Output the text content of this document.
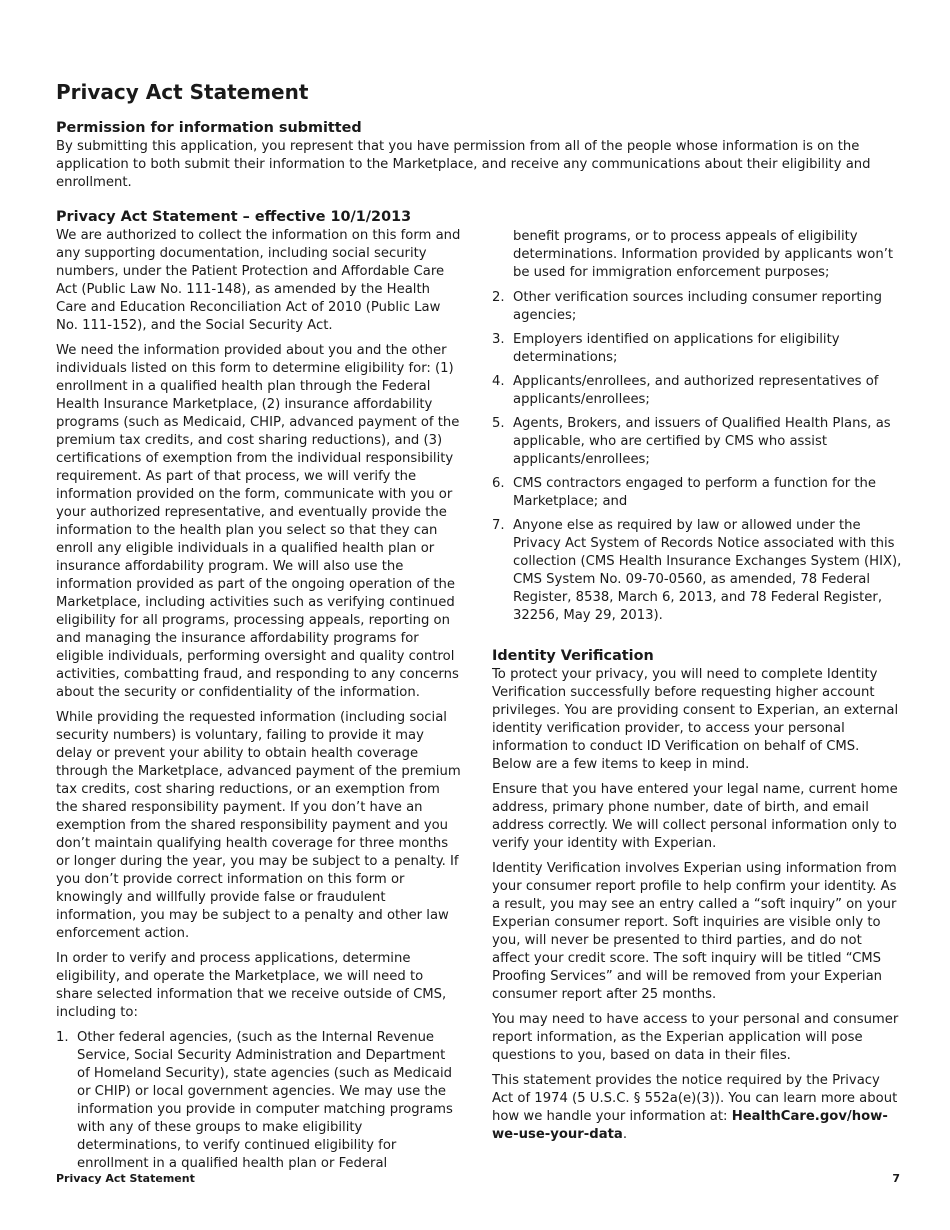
Privacy Act Statement
Permission for information submitted

By submitting this application, you represent that you have permission from all of the people whose information is on the application to both submit their information to the Marketplace, and receive any communications about their eligibility and enrollment.

Privacy Act Statement – effective 10/1/2013

We are authorized to collect the information on this form and any supporting documentation, including social security numbers, under the Patient Protection and Affordable Care Act (Public Law No. 111-148), as amended by the Health Care and Education Reconciliation Act of 2010 (Public Law No. 111-152), and the Social Security Act.

We need the information provided about you and the other individuals listed on this form to determine eligibility for: (1) enrollment in a qualified health plan through the Federal Health Insurance Marketplace, (2) insurance affordability programs (such as Medicaid, CHIP, advanced payment of the premium tax credits, and cost sharing reductions), and (3) certifications of exemption from the individual responsibility requirement. As part of that process, we will verify the information provided on the form, communicate with you or your authorized representative, and eventually provide the information to the health plan you select so that they can enroll any eligible individuals in a qualified health plan or insurance affordability program. We will also use the information provided as part of the ongoing operation of the Marketplace, including activities such as verifying continued eligibility for all programs, processing appeals, reporting on and managing the insurance affordability programs for eligible individuals, performing oversight and quality control activities, combatting fraud, and responding to any concerns about the security or confidentiality of the information.

While providing the requested information (including social security numbers) is voluntary, failing to provide it may delay or prevent your ability to obtain health coverage through the Marketplace, advanced payment of the premium tax credits, cost sharing reductions, or an exemption from the shared responsibility payment. If you don’t have an exemption from the shared responsibility payment and you don’t maintain qualifying health coverage for three months or longer during the year, you may be subject to a penalty. If you don’t provide correct information on this form or knowingly and willfully provide false or fraudulent information, you may be subject to a penalty and other law enforcement action.

In order to verify and process applications, determine eligibility, and operate the Marketplace, we will need to share selected information that we receive outside of CMS, including to:

1. Other federal agencies, (such as the Internal Revenue Service, Social Security Administration and Department of Homeland Security), state agencies (such as Medicaid or CHIP) or local government agencies. We may use the information you provide in computer matching programs with any of these groups to make eligibility determinations, to verify continued eligibility for enrollment in a qualified health plan or Federal

benefit programs, or to process appeals of eligibility determinations. Information provided by applicants won’t be used for immigration enforcement purposes;

2. Other verification sources including consumer reporting agencies;
3. Employers identified on applications for eligibility determinations;
4. Applicants/enrollees, and authorized representatives of applicants/enrollees;
5. Agents, Brokers, and issuers of Qualified Health Plans, as applicable, who are certified by CMS who assist applicants/enrollees;
6. CMS contractors engaged to perform a function for the Marketplace; and
7. Anyone else as required by law or allowed under the Privacy Act System of Records Notice associated with this collection (CMS Health Insurance Exchanges System (HIX), CMS System No. 09-70-0560, as amended, 78 Federal Register, 8538, March 6, 2013, and 78 Federal Register, 32256, May 29, 2013).
Identity Verification

To protect your privacy, you will need to complete Identity Verification successfully before requesting higher account privileges. You are providing consent to Experian, an external identity verification provider, to access your personal information to conduct ID Verification on behalf of CMS. Below are a few items to keep in mind.

Ensure that you have entered your legal name, current home address, primary phone number, date of birth, and email address correctly. We will collect personal information only to verify your identity with Experian.

Identity Verification involves Experian using information from your consumer report profile to help confirm your identity. As a result, you may see an entry called a “soft inquiry” on your Experian consumer report. Soft inquiries are visible only to you, will never be presented to third parties, and do not affect your credit score. The soft inquiry will be titled “CMS Proofing Services” and will be removed from your Experian consumer report after 25 months.

You may need to have access to your personal and consumer report information, as the Experian application will pose questions to you, based on data in their files.

This statement provides the notice required by the Privacy Act of 1974 (5 U.S.C. § 552a(e)(3)). You can learn more about how we handle your information at: HealthCare.gov/how-we-use-your-data.

Privacy Act Statement	7
